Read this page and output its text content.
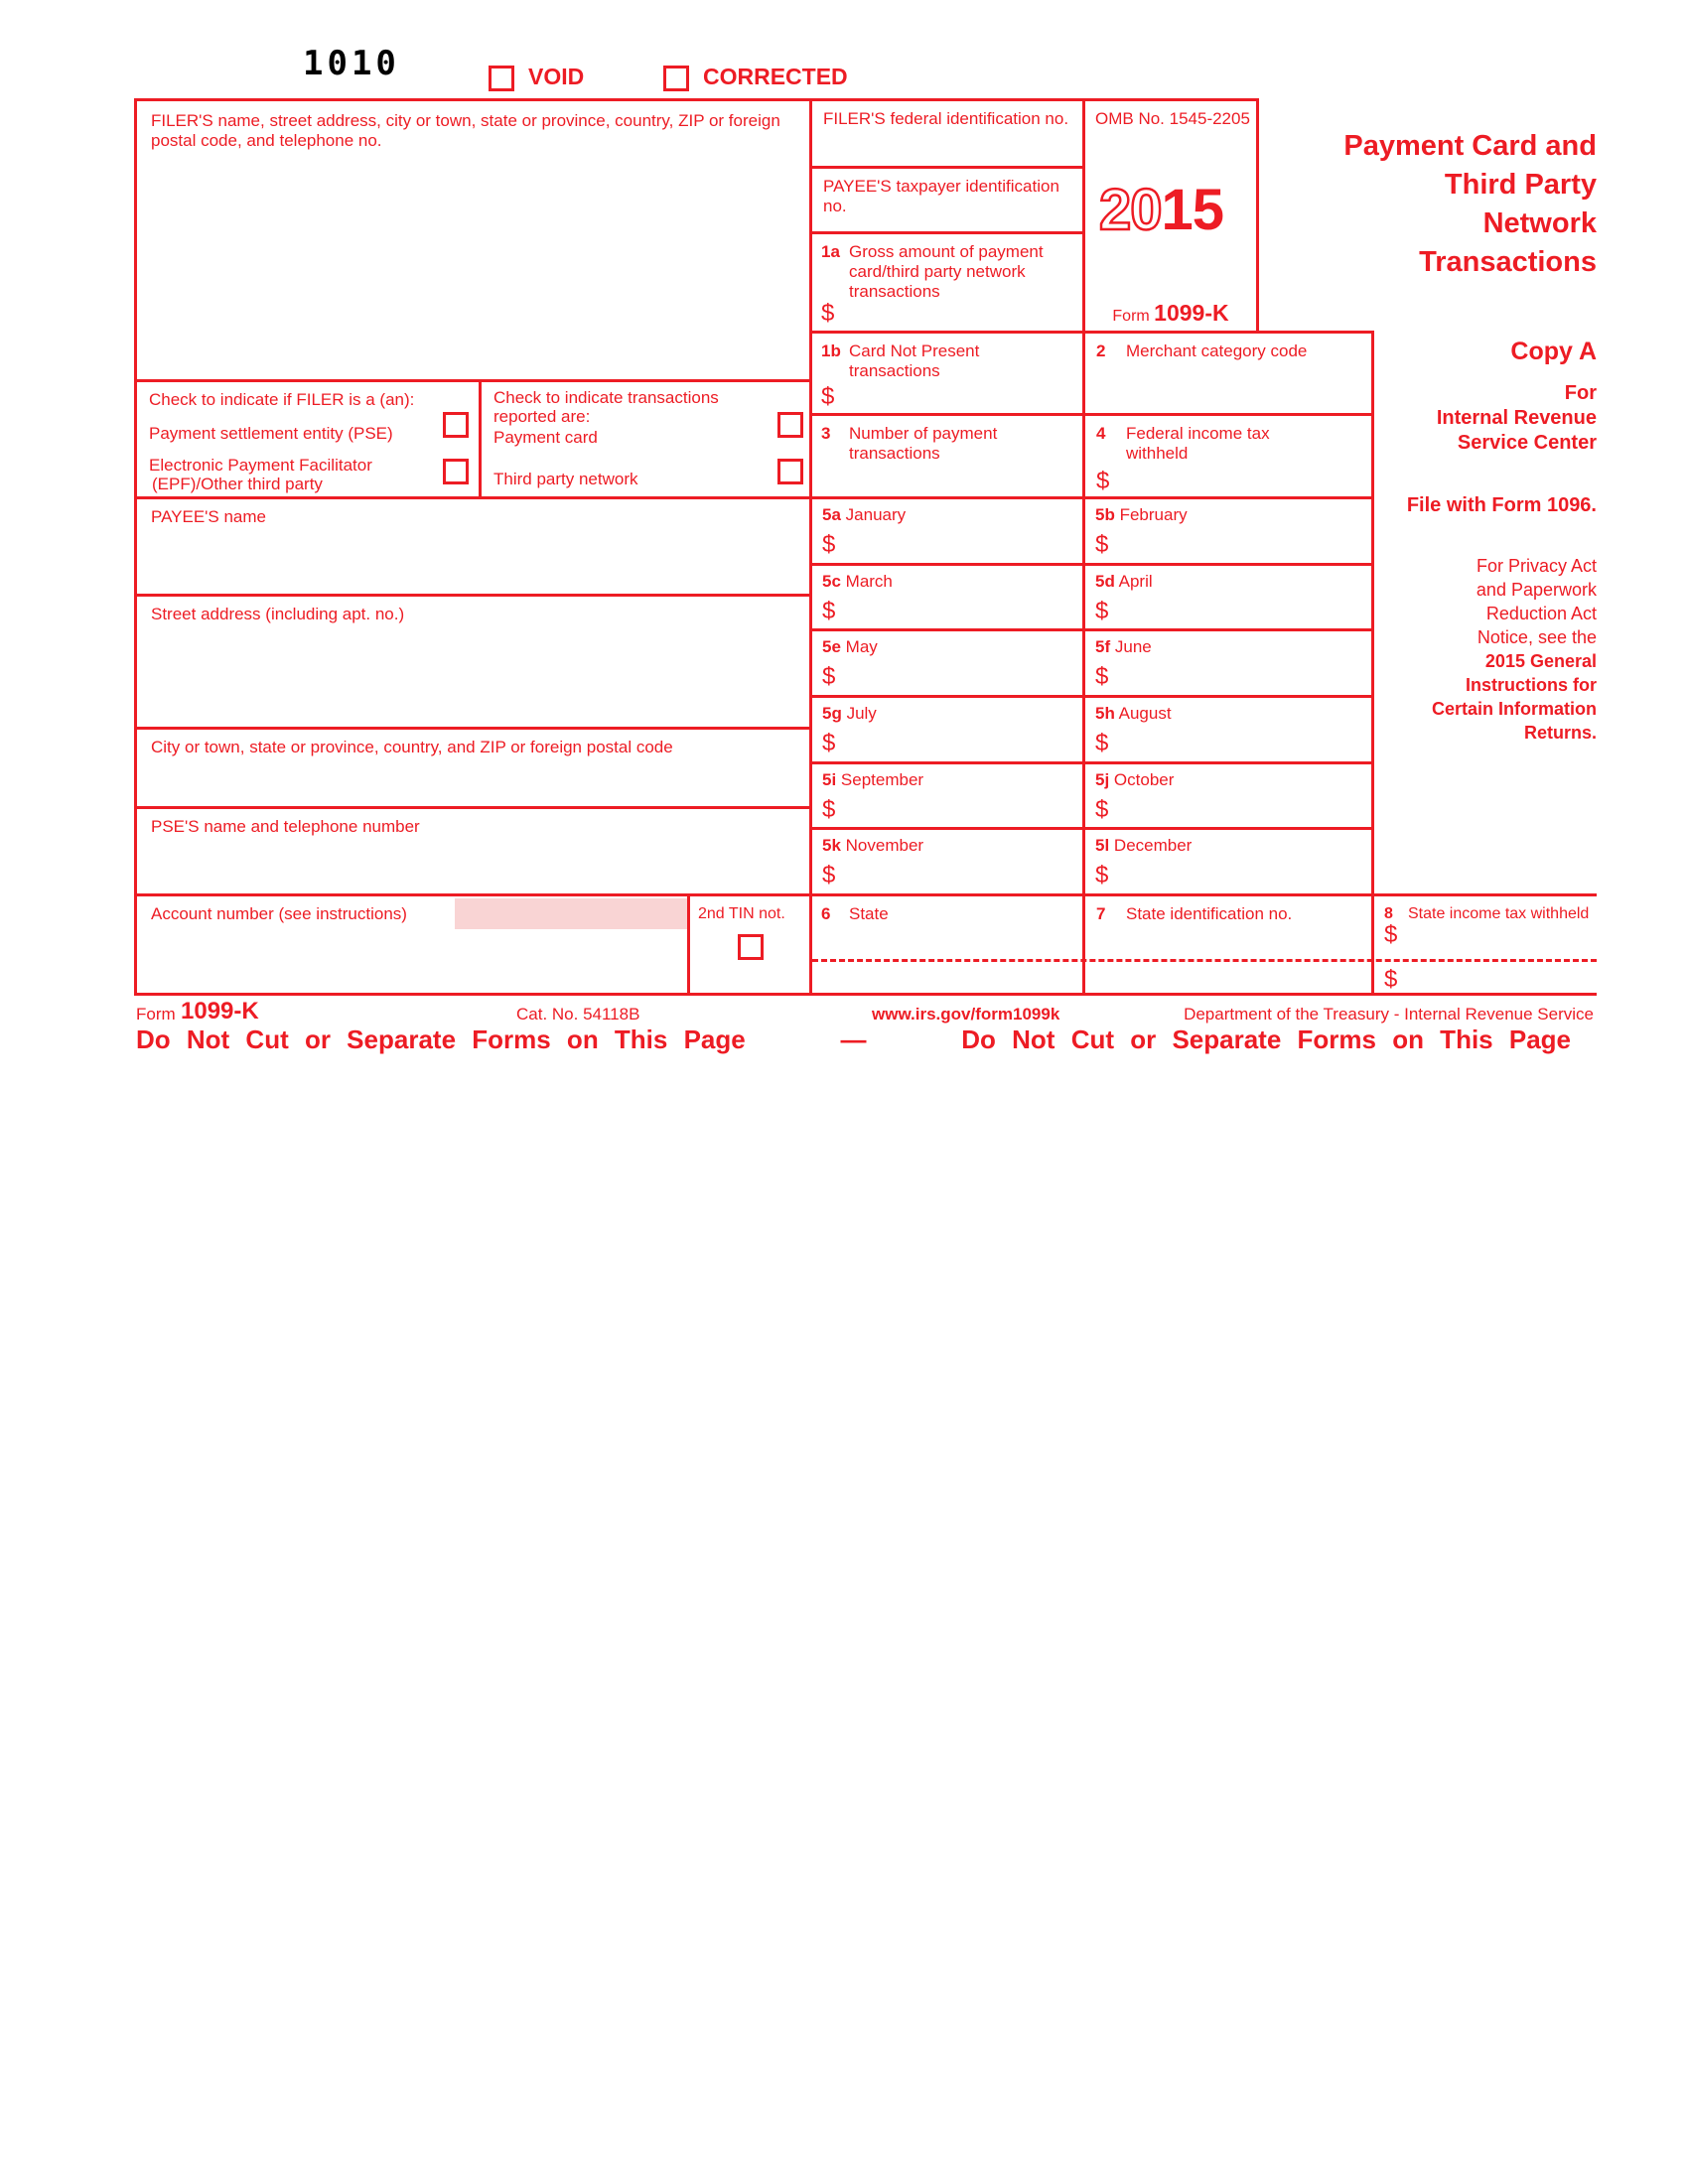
1010	VOID	CORRECTED
FILER'S name, street address, city or town, state or province, country, ZIP or foreign postal code, and telephone no.
Check to indicate if FILER is a (an):
Payment settlement entity (PSE)
Electronic Payment Facilitator
(EPF)/Other third party
Check to indicate transactions
reported are:
Payment card
Third party network
PAYEE'S name
Street address (including apt. no.)
City or town, state or province, country, and ZIP or foreign postal code
PSE'S name and telephone number
Account number (see instructions)	2nd TIN not.
FILER'S federal identification no.
PAYEE'S taxpayer identification no.
1a Gross amount of payment card/third party network transactions
$
OMB No. 1545-2205
2015
Form 1099-K
1b Card Not Present transactions
$
2 Merchant category code
3 Number of payment transactions
4 Federal income tax withheld
$
5a January
$
5b February
$
5c March
$
5d April
$
5e May
$
5f June
$
5g July
$
5h August
$
5i September
$
5j October
$
5k November
$
5l December
$
6 State	7 State identification no.	8 State income tax withheld
$
$
Payment Card and
Third Party
Network
Transactions
Copy A
For
Internal Revenue
Service Center
File with Form 1096.
For Privacy Act
and Paperwork
Reduction Act
Notice, see the
2015 General
Instructions for
Certain Information
Returns.
Form 1099-K	Cat. No. 54118B	www.irs.gov/form1099k	Department of the Treasury - Internal Revenue Service
Do Not Cut or Separate Forms on This Page	—	Do Not Cut or Separate Forms on This Page
